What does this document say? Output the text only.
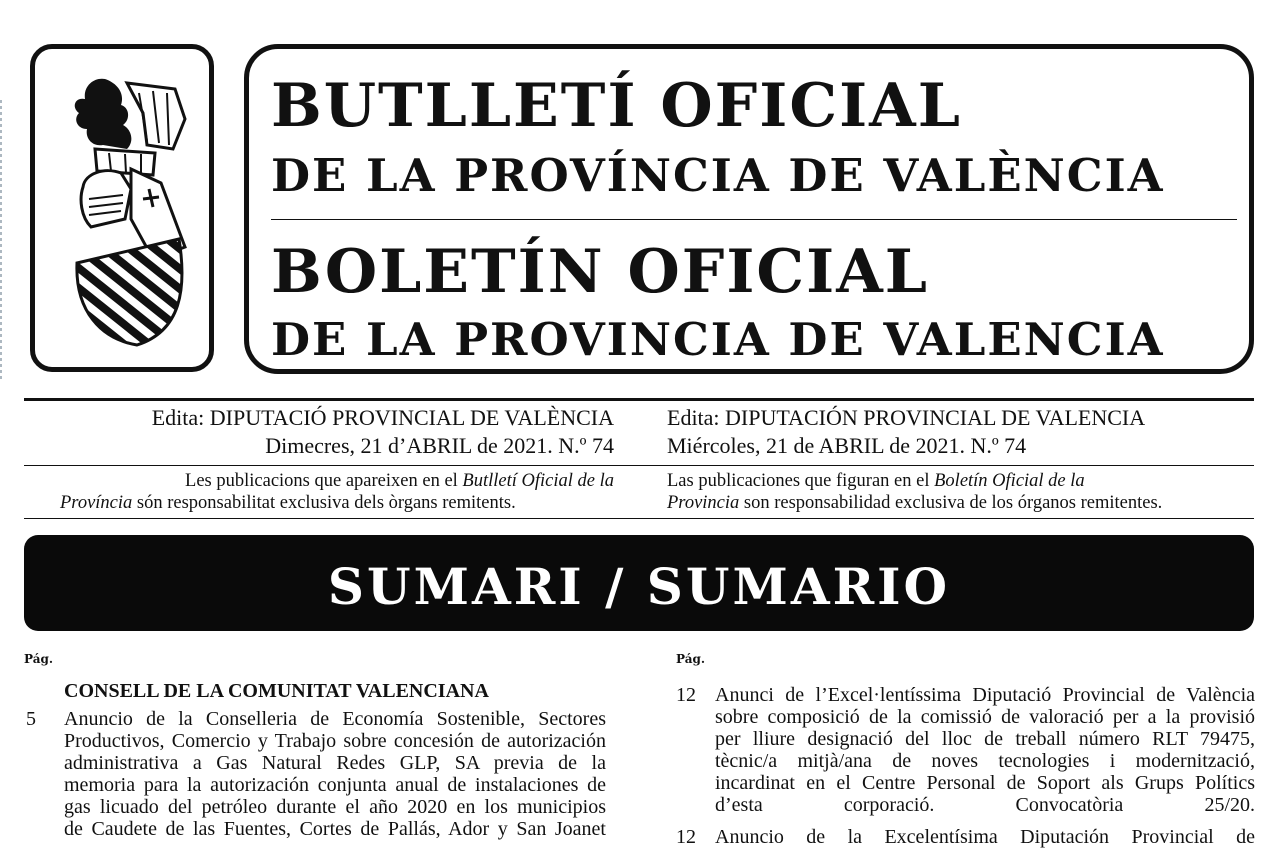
BUTLLETÍ OFICIAL
DE LA PROVÍNCIA DE VALÈNCIA
BOLETÍN OFICIAL
DE LA PROVINCIA DE VALENCIA
Edita: DIPUTACIÓ PROVINCIAL DE VALÈNCIA
Dimecres, 21 d’ABRIL de 2021. N.º 74
Edita: DIPUTACIÓN PROVINCIAL DE VALENCIA
Miércoles, 21 de ABRIL de 2021. N.º 74
Les publicacions que apareixen en el Butlletí Oficial de la
Província són responsabilitat exclusiva dels òrgans remitents.
Las publicaciones que figuran en el Boletín Oficial de la
Provincia son responsabilidad exclusiva de los órganos remitentes.
SUMARI / SUMARIO
Pág.	Pág.
CONSELL DE LA COMUNITAT VALENCIANA
5 Anuncio de la Conselleria de Economía Sostenible, Sectores
Productivos, Comercio y Trabajo sobre concesión de autorización
administrativa a Gas Natural Redes GLP, SA previa de la
memoria para la autorización conjunta anual de instalaciones de
gas licuado del petróleo durante el año 2020 en los municipios
de Caudete de las Fuentes, Cortes de Pallás, Ador y San Joanet
12 Anunci de l’Excel·lentíssima Diputació Provincial de València
sobre composició de la comissió de valoració per a la provisió
per lliure designació del lloc de treball número RLT 79475,
tècnic/a mitjà/ana de noves tecnologies i modernització,
incardinat en el Centre Personal de Soport als Grups Polítics
d’esta corporació. Convocatòria 25/20.
12 Anuncio de la Excelentísima Diputación Provincial de
